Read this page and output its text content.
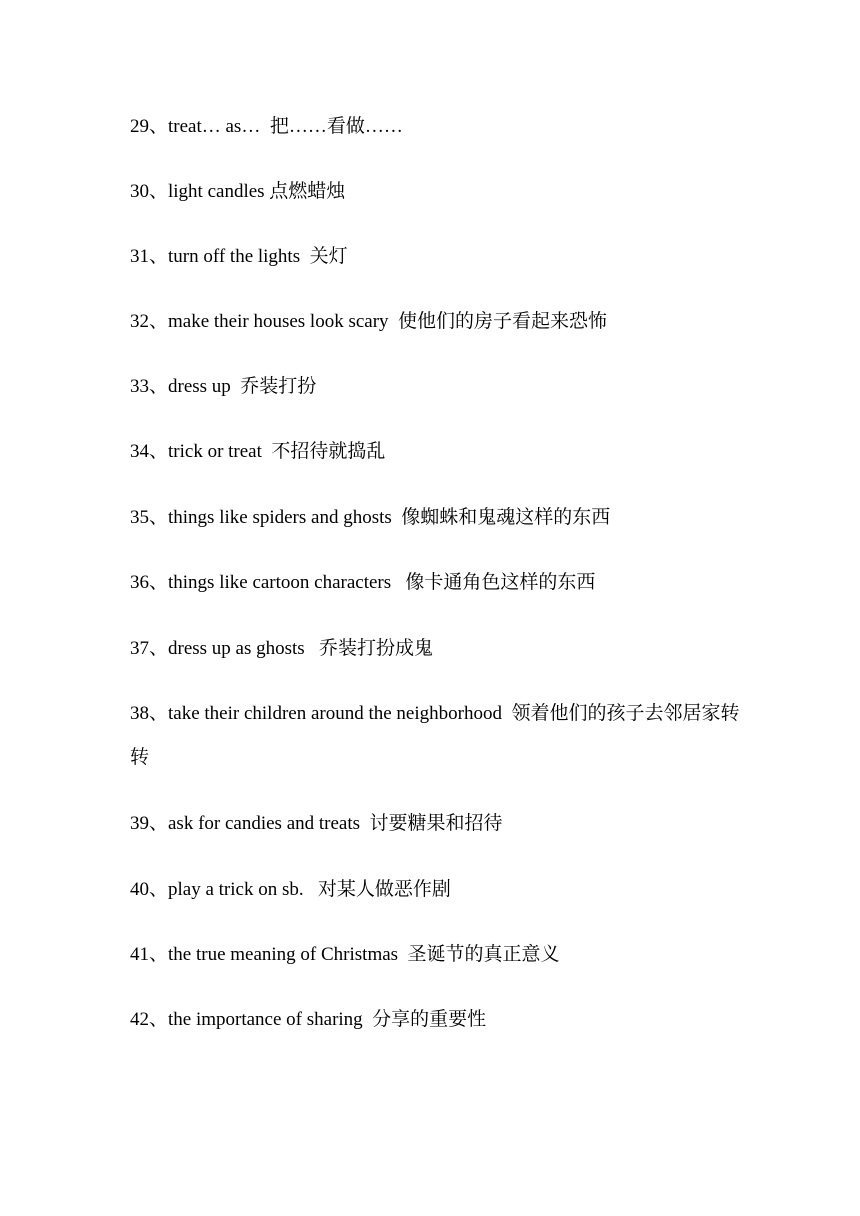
29、treat… as…  把……看做……

30、light candles 点燃蜡烛

31、turn off the lights  关灯

32、make their houses look scary  使他们的房子看起来恐怖

33、dress up  乔装打扮

34、trick or treat  不招待就捣乱

35、things like spiders and ghosts  像蜘蛛和鬼魂这样的东西

36、things like cartoon characters   像卡通角色这样的东西

37、dress up as ghosts   乔装打扮成鬼

38、take their children around the neighborhood  领着他们的孩子去邻居家转转

39、ask for candies and treats  讨要糖果和招待

40、play a trick on sb.   对某人做恶作剧

41、the true meaning of Christmas  圣诞节的真正意义

42、the importance of sharing  分享的重要性
